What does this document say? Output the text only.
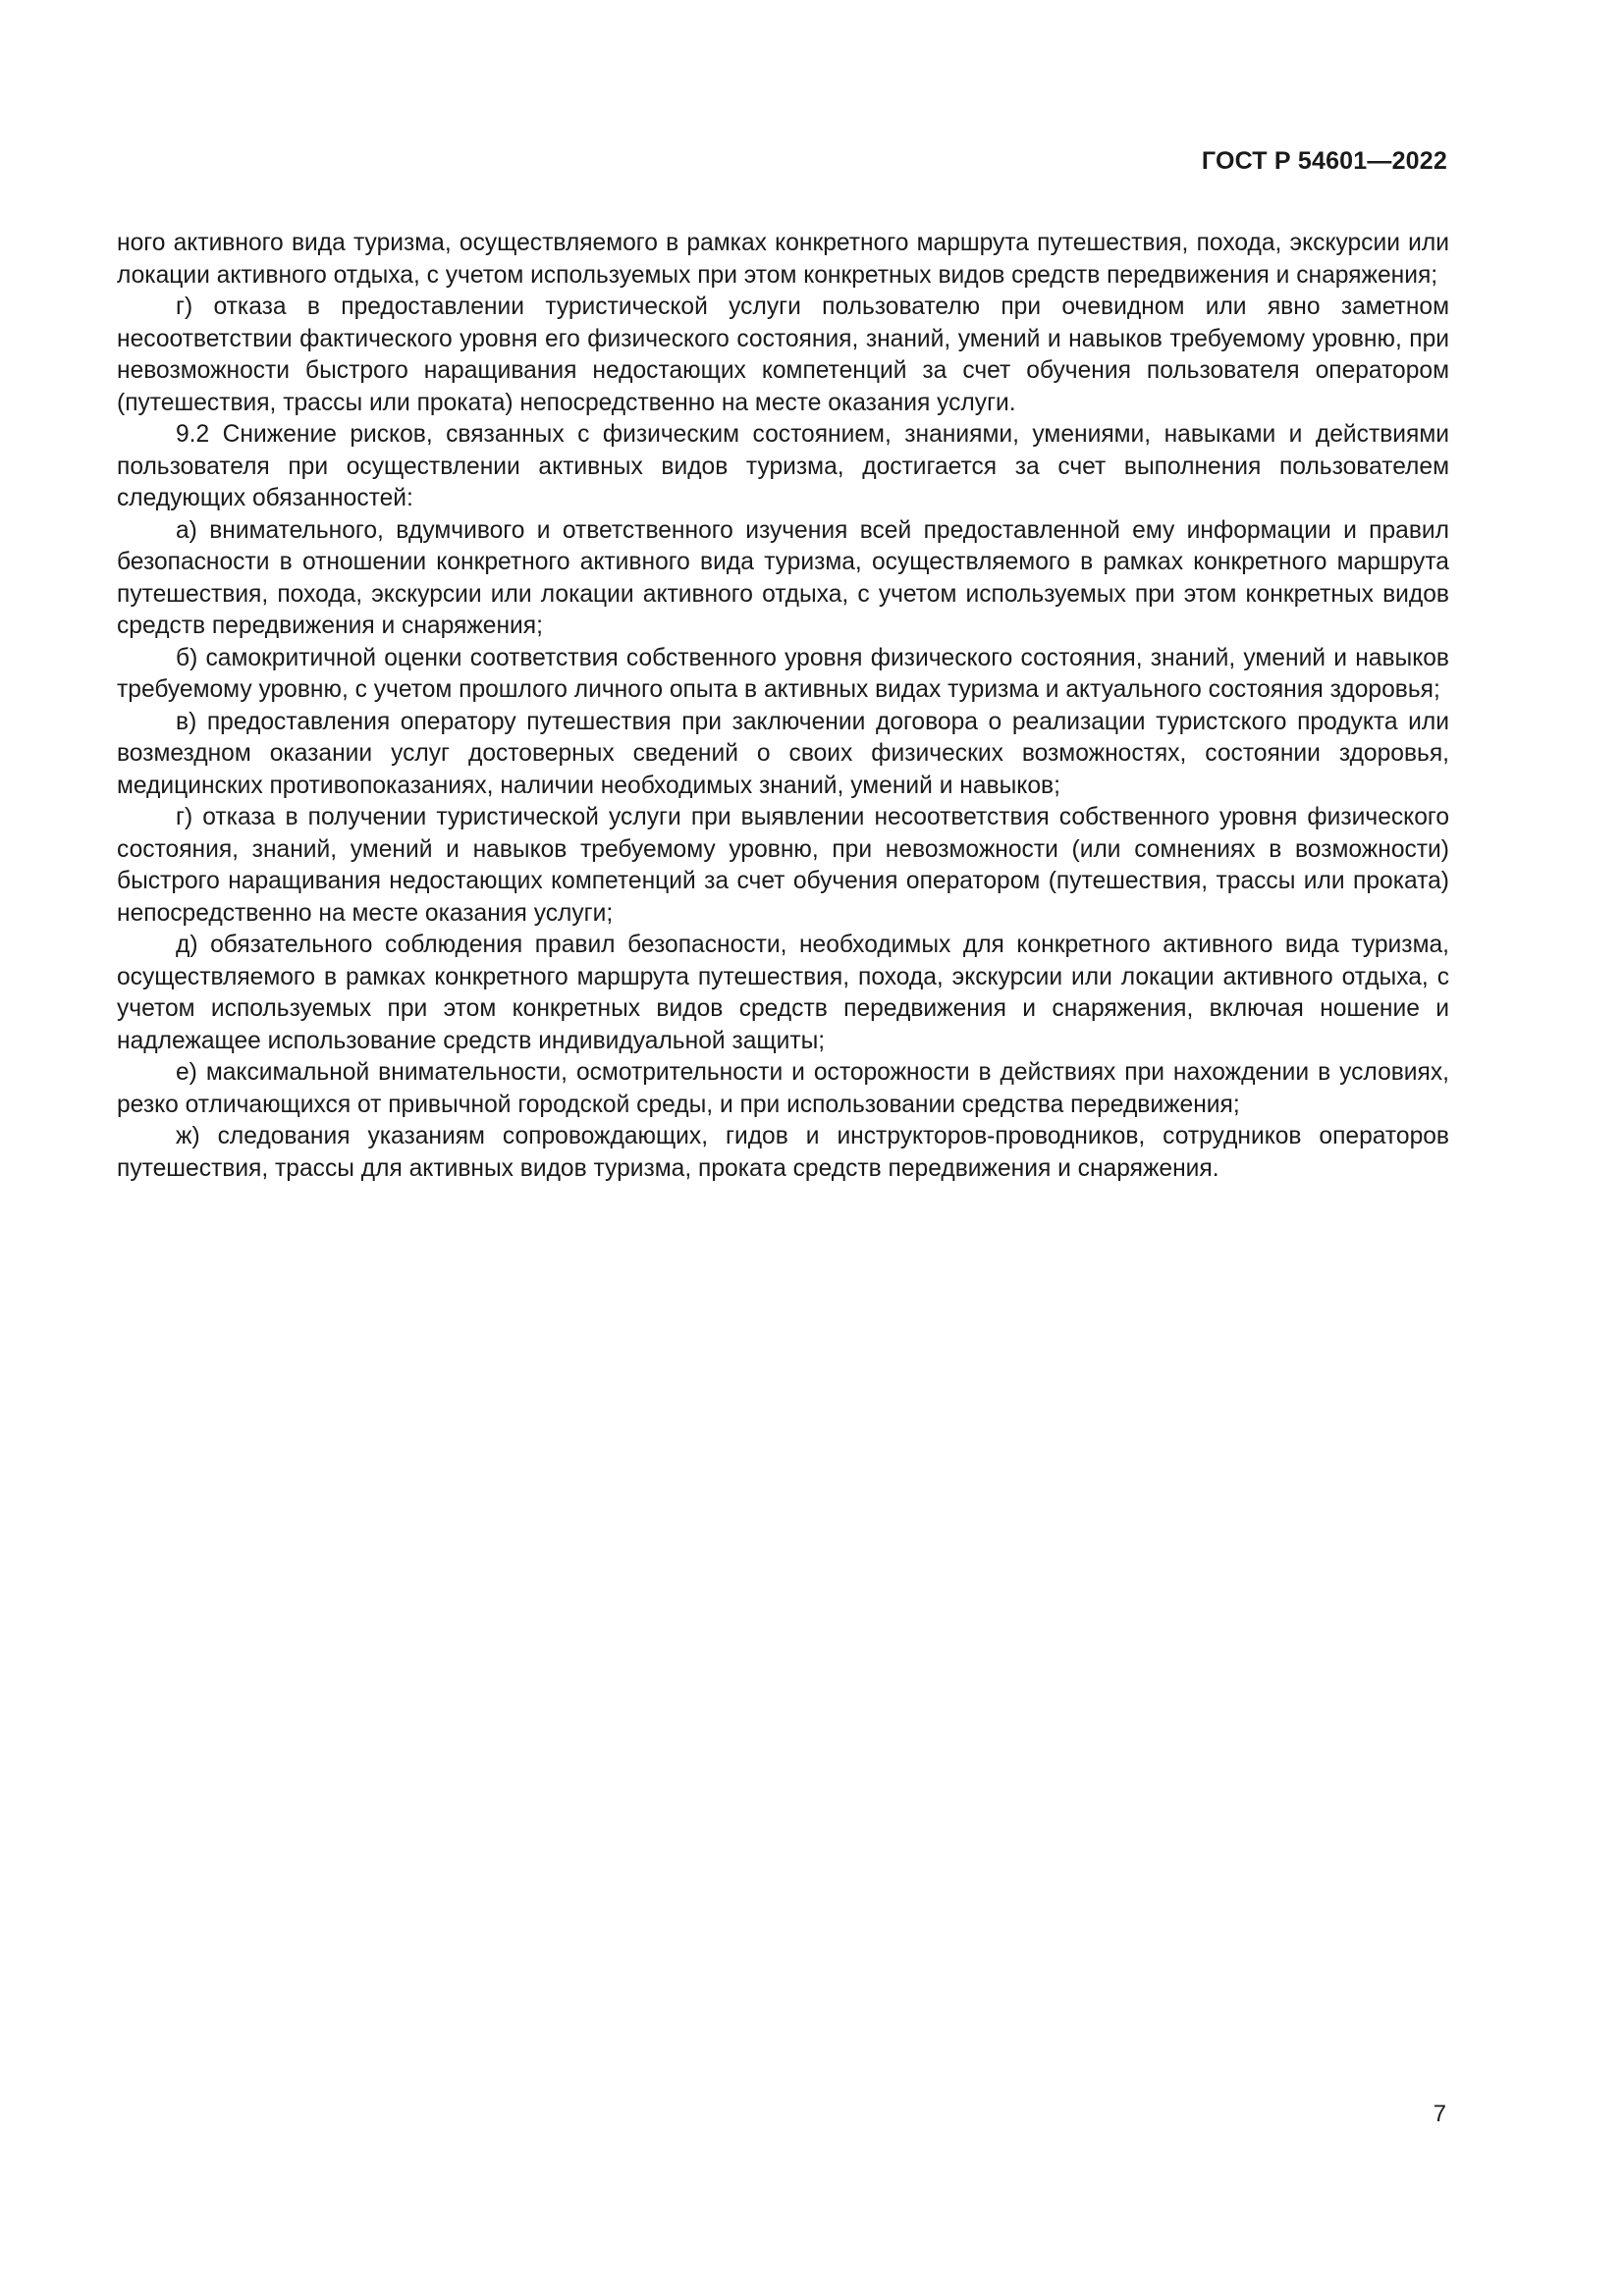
ГОСТ Р 54601—2022

ного активного вида туризма, осуществляемого в рамках конкретного маршрута путешествия, похода, экскурсии или локации активного отдыха, с учетом используемых при этом конкретных видов средств передвижения и снаряжения;

г) отказа в предоставлении туристической услуги пользователю при очевидном или явно заметном несоответствии фактического уровня его физического состояния, знаний, умений и навыков требуемому уровню, при невозможности быстрого наращивания недостающих компетенций за счет обучения пользователя оператором (путешествия, трассы или проката) непосредственно на месте оказания услуги.

9.2 Снижение рисков, связанных с физическим состоянием, знаниями, умениями, навыками и действиями пользователя при осуществлении активных видов туризма, достигается за счет выполнения пользователем следующих обязанностей:

а) внимательного, вдумчивого и ответственного изучения всей предоставленной ему информации и правил безопасности в отношении конкретного активного вида туризма, осуществляемого в рамках конкретного маршрута путешествия, похода, экскурсии или локации активного отдыха, с учетом используемых при этом конкретных видов средств передвижения и снаряжения;

б) самокритичной оценки соответствия собственного уровня физического состояния, знаний, умений и навыков требуемому уровню, с учетом прошлого личного опыта в активных видах туризма и актуального состояния здоровья;

в) предоставления оператору путешествия при заключении договора о реализации туристского продукта или возмездном оказании услуг достоверных сведений о своих физических возможностях, состоянии здоровья, медицинских противопоказаниях, наличии необходимых знаний, умений и навыков;

г) отказа в получении туристической услуги при выявлении несоответствия собственного уровня физического состояния, знаний, умений и навыков требуемому уровню, при невозможности (или сомнениях в возможности) быстрого наращивания недостающих компетенций за счет обучения оператором (путешествия, трассы или проката) непосредственно на месте оказания услуги;

д) обязательного соблюдения правил безопасности, необходимых для конкретного активного вида туризма, осуществляемого в рамках конкретного маршрута путешествия, похода, экскурсии или локации активного отдыха, с учетом используемых при этом конкретных видов средств передвижения и снаряжения, включая ношение и надлежащее использование средств индивидуальной защиты;

е) максимальной внимательности, осмотрительности и осторожности в действиях при нахождении в условиях, резко отличающихся от привычной городской среды, и при использовании средства передвижения;

ж) следования указаниям сопровождающих, гидов и инструкторов-проводников, сотрудников операторов путешествия, трассы для активных видов туризма, проката средств передвижения и снаряжения.

7
